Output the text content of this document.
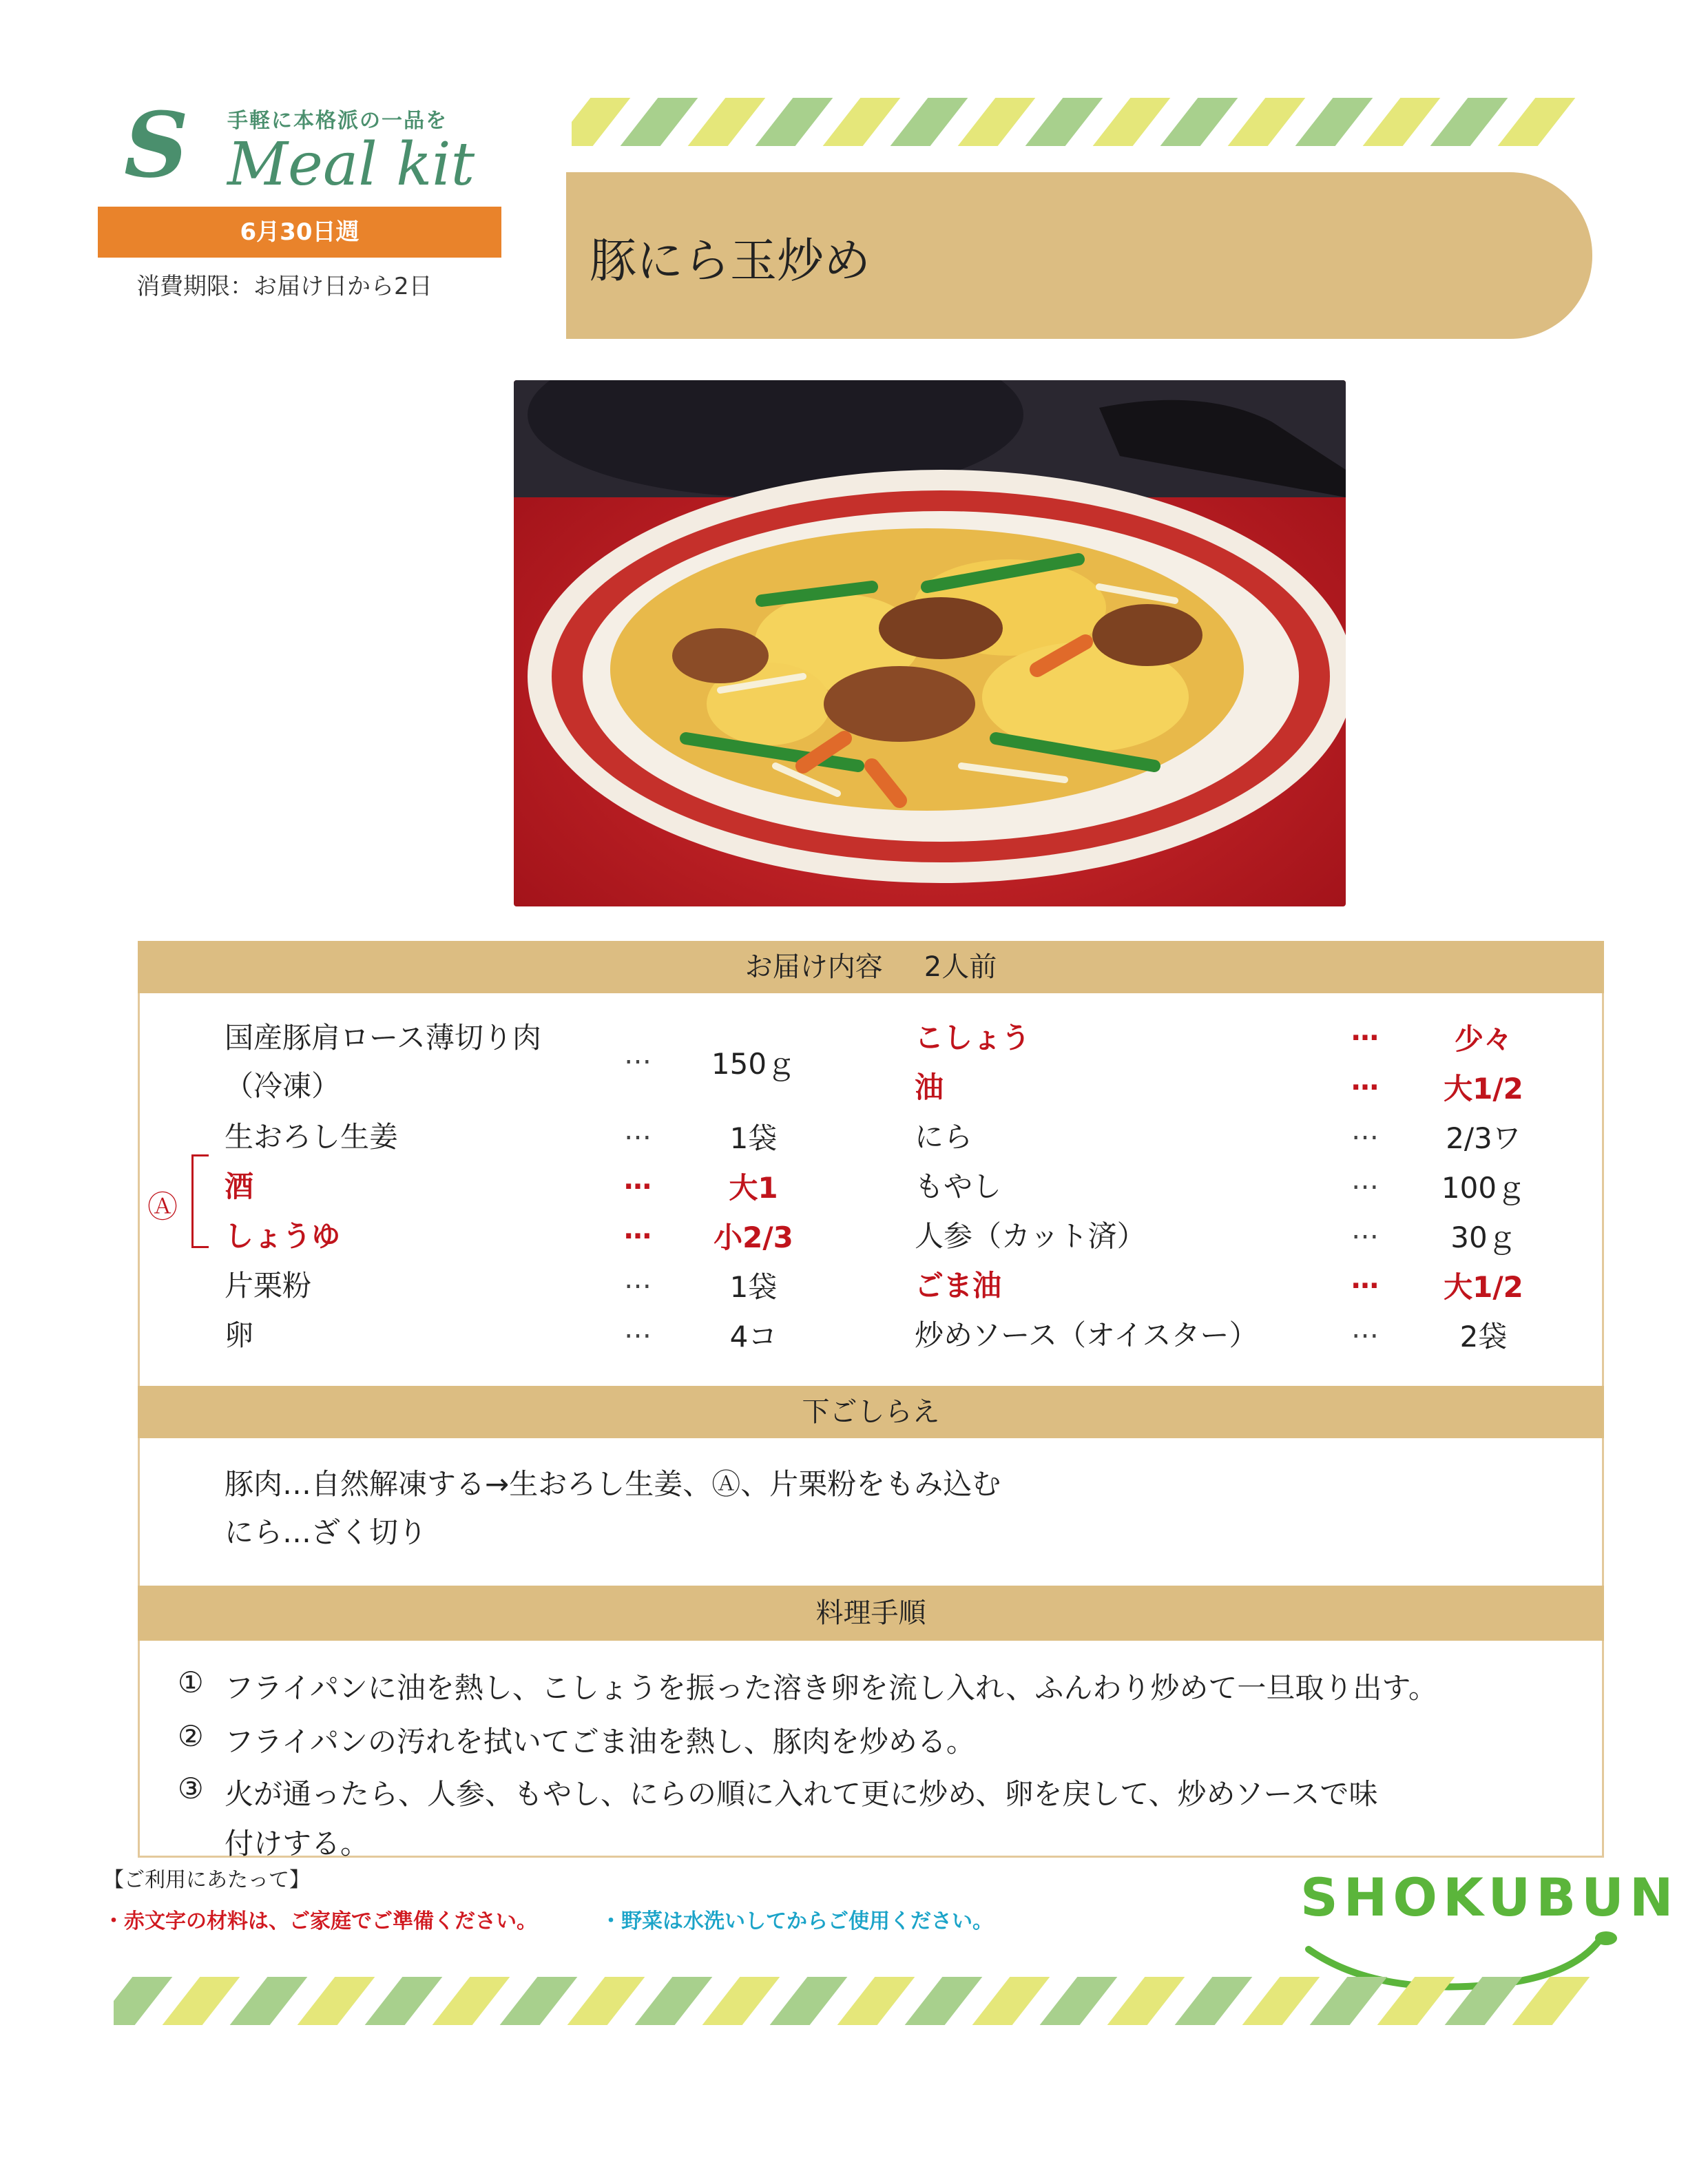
手軽に本格派の一品を
S Meal kit
6月30日週
消費期限：お届け日から2日	豚にら玉炒め
お届け内容 2人前
Ⓐ
国産豚肩ロース薄切り肉
（冷凍）
…	150ｇ
生おろし生姜	…	1袋
酒	…	大1
しょうゆ	…	小2/3
片栗粉	…	1袋
卵	…	4コ
こしょう	…	少々
油	…	大1/2
にら	…	2/3ワ
もやし	…	100ｇ
人参（カット済）	…	30ｇ
ごま油	…	大1/2
炒めソース（オイスター）	…	2袋
下ごしらえ
豚肉…自然解凍する→生おろし生姜、Ⓐ、片栗粉をもみ込む
にら…ざく切り
料理手順
① フライパンに油を熱し、こしょうを振った溶き卵を流し入れ、ふんわり炒めて一旦取り出す。
② フライパンの汚れを拭いてごま油を熱し、豚肉を炒める。
③ 火が通ったら、人参、もやし、にらの順に入れて更に炒め、卵を戻して、炒めソースで味
付けする。
【ご利用にあたって】
・赤文字の材料は、ご家庭でご準備ください。	・野菜は水洗いしてからご使用ください。	SHOKUBUN
